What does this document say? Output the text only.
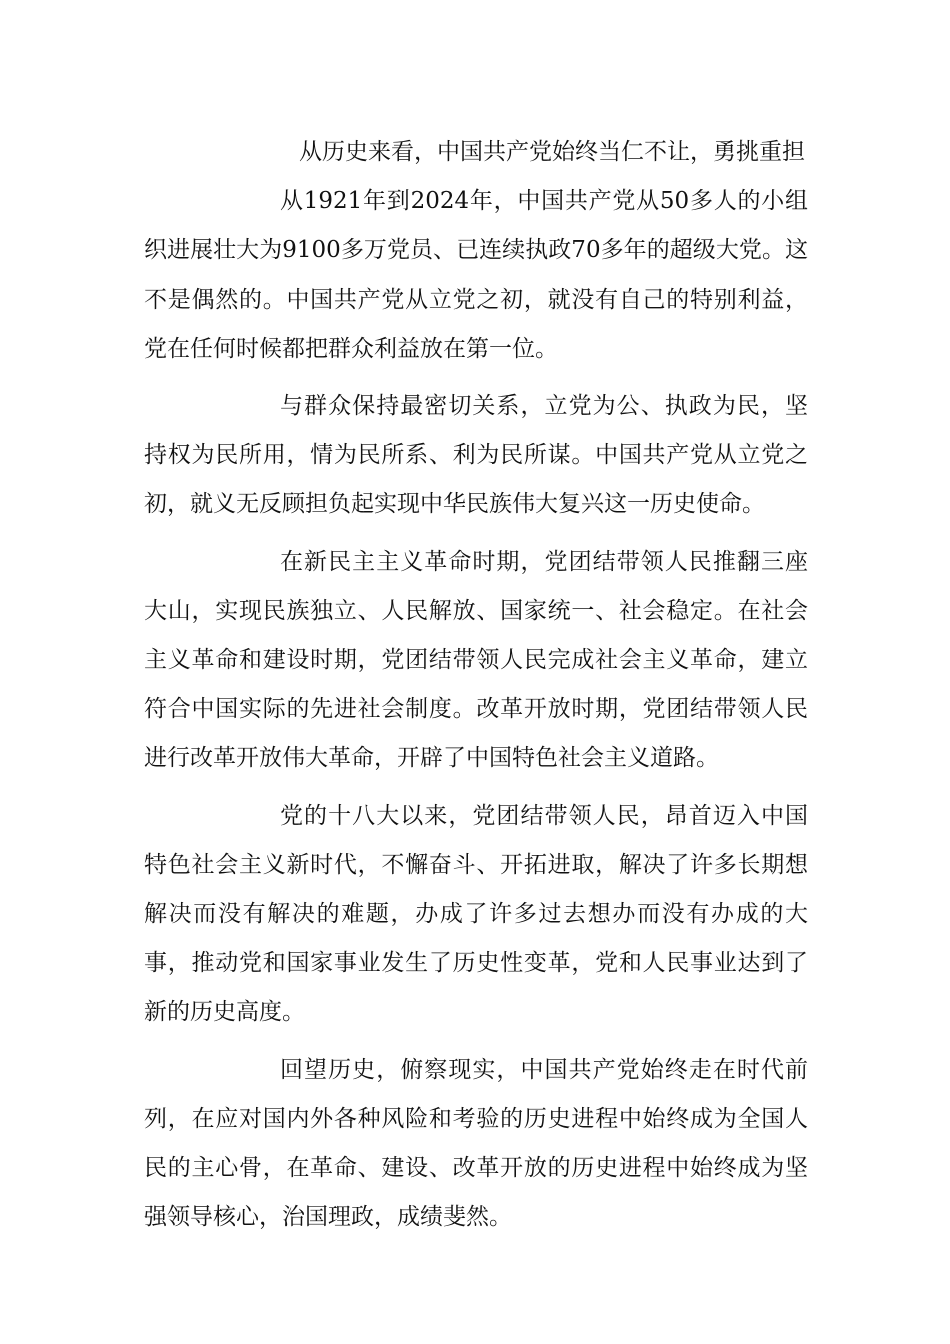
从历史来看，中国共产党始终当仁不让，勇挑重担

从1921年到2024年，中国共产党从50多人的小组织进展壮大为9100多万党员、已连续执政70多年的超级大党。这不是偶然的。中国共产党从立党之初，就没有自己的特别利益，党在任何时候都把群众利益放在第一位。

与群众保持最密切关系，立党为公、执政为民，坚持权为民所用，情为民所系、利为民所谋。中国共产党从立党之初，就义无反顾担负起实现中华民族伟大复兴这一历史使命。

在新民主主义革命时期，党团结带领人民推翻三座大山，实现民族独立、人民解放、国家统一、社会稳定。在社会主义革命和建设时期，党团结带领人民完成社会主义革命，建立符合中国实际的先进社会制度。改革开放时期，党团结带领人民进行改革开放伟大革命，开辟了中国特色社会主义道路。

党的十八大以来，党团结带领人民，昂首迈入中国特色社会主义新时代，不懈奋斗、开拓进取，解决了许多长期想解决而没有解决的难题，办成了许多过去想办而没有办成的大事，推动党和国家事业发生了历史性变革，党和人民事业达到了新的历史高度。

回望历史，俯察现实，中国共产党始终走在时代前列，在应对国内外各种风险和考验的历史进程中始终成为全国人民的主心骨，在革命、建设、改革开放的历史进程中始终成为坚强领导核心，治国理政，成绩斐然。
